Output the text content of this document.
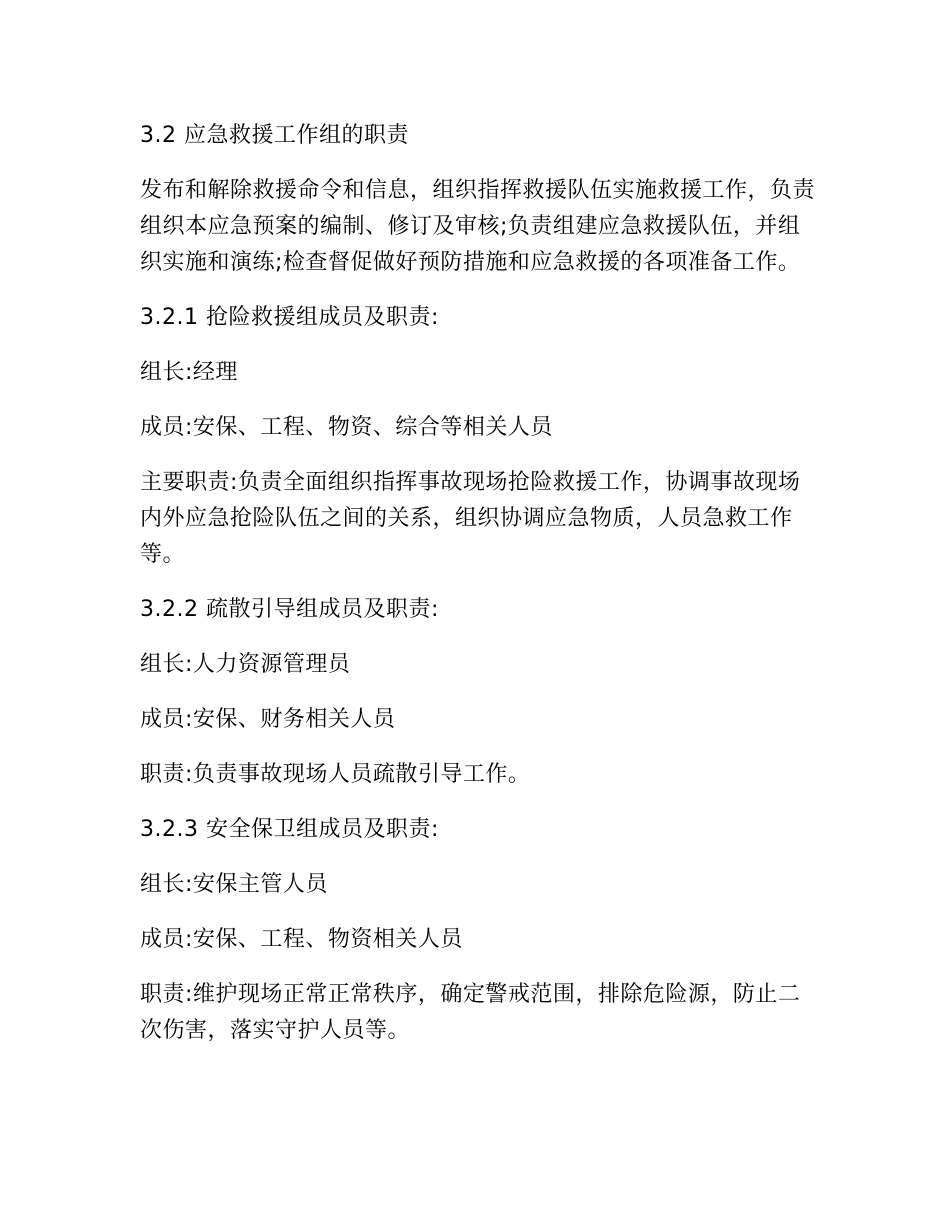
3.2 应急救援工作组的职责

发布和解除救援命令和信息，组织指挥救援队伍实施救援工作，负责组织本应急预案的编制、修订及审核;负责组建应急救援队伍，并组织实施和演练;检查督促做好预防措施和应急救援的各项准备工作。

3.2.1 抢险救援组成员及职责:

组长:经理

成员:安保、工程、物资、综合等相关人员

主要职责:负责全面组织指挥事故现场抢险救援工作，协调事故现场内外应急抢险队伍之间的关系，组织协调应急物质，人员急救工作等。

3.2.2 疏散引导组成员及职责:

组长:人力资源管理员

成员:安保、财务相关人员

职责:负责事故现场人员疏散引导工作。

3.2.3 安全保卫组成员及职责:

组长:安保主管人员

成员:安保、工程、物资相关人员

职责:维护现场正常正常秩序，确定警戒范围，排除危险源，防止二次伤害，落实守护人员等。
